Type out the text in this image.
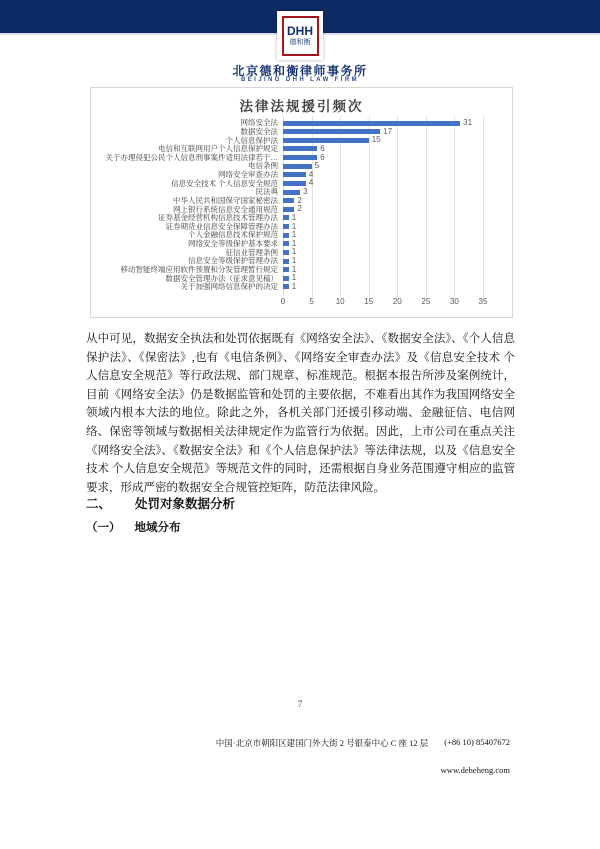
DHH
德和衡
北京德和衡律师事务所
BEIJING DHH LAW FIRM
法律法规援引频次
网络安全法	31
数据安全法	17
个人信息保护法	15
电信和互联网用户个人信息保护规定	6
关于办理侵犯公民个人信息刑事案件适用法律若干…	6
电信条例	5
网络安全审查办法	4
信息安全技术 个人信息安全规范	4
民法典	3
中华人民共和国保守国家秘密法	2
网上银行系统信息安全通用规范	2
证券基金经营机构信息技术管理办法	1
证券期货业信息安全保障管理办法	1
个人金融信息技术保护规范	1
网络安全等级保护基本要求	1
征信业管理条例	1
信息安全等级保护管理办法	1
移动智能终端应用软件预置和分发管理暂行规定	1
数据安全管理办法（征求意见稿）	1
关于加强网络信息保护的决定	1
0	5	10 15 20 25 30 35
从中可见，数据安全执法和处罚依据既有《网络安全法》、《数据安全法》、《个人信息保护法》、《保密法》,也有《电信条例》、《网络安全审查办法》及《信息安全技术 个人信息安全规范》等行政法规、部门规章、标准规范。根据本报告所涉及案例统计，目前《网络安全法》仍是数据监管和处罚的主要依据，不难看出其作为我国网络安全领域内根本大法的地位。除此之外，各机关部门还援引移动端、金融征信、电信网络、保密等领域与数据相关法律规定作为监管行为依据。因此，上市公司在重点关注《网络安全法》、《数据安全法》和《个人信息保护法》等法律法规，以及《信息安全技术 个人信息安全规范》等规范文件的同时，还需根据自身业务范围遵守相应的监管要求，形成严密的数据安全合规管控矩阵，防范法律风险。
二、 处罚对象数据分析
（一） 地域分布
7
中国·北京市朝阳区建国门外大街 2 号银泰中心 C 座 12 层 (+86 10) 85407672
www.deheheng.com
